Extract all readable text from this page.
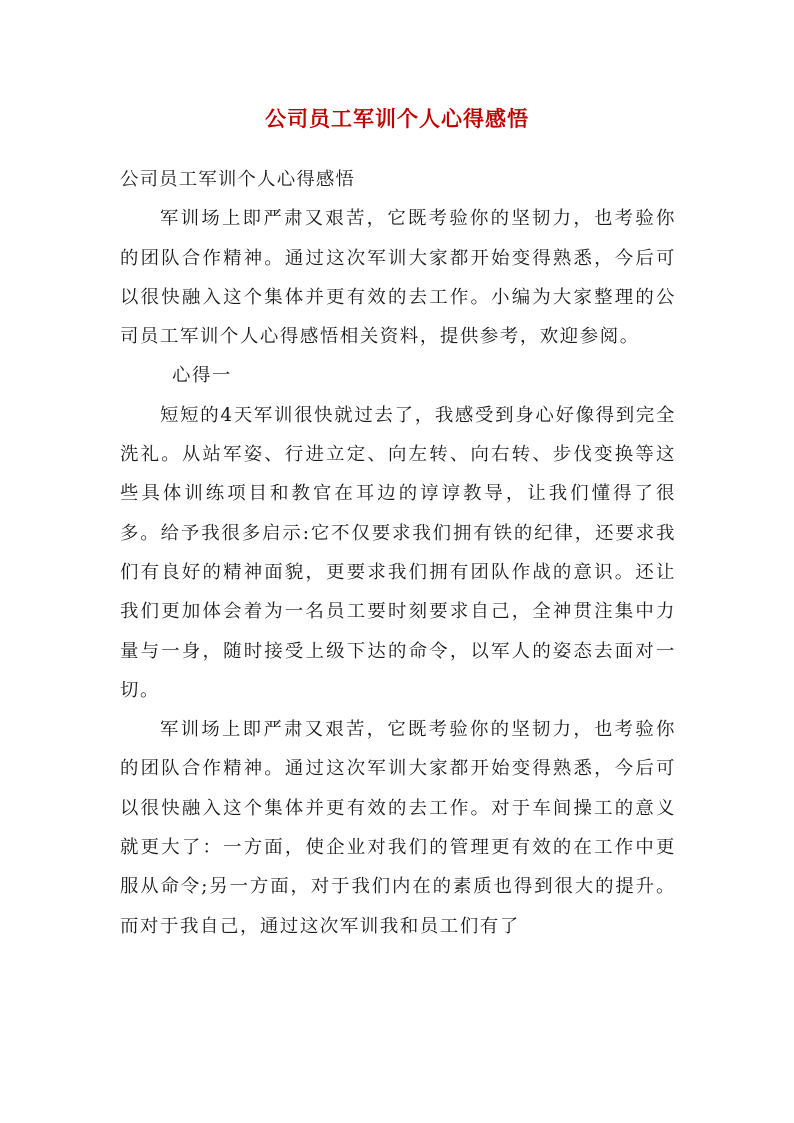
公司员工军训个人心得感悟

公司员工军训个人心得感悟

军训场上即严肃又艰苦，它既考验你的坚韧力，也考验你的团队合作精神。通过这次军训大家都开始变得熟悉，今后可以很快融入这个集体并更有效的去工作。小编为大家整理的公司员工军训个人心得感悟相关资料，提供参考，欢迎参阅。

心得一

短短的4天军训很快就过去了，我感受到身心好像得到完全洗礼。从站军姿、行进立定、向左转、向右转、步伐变换等这些具体训练项目和教官在耳边的谆谆教导，让我们懂得了很多。给予我很多启示:它不仅要求我们拥有铁的纪律，还要求我们有良好的精神面貌，更要求我们拥有团队作战的意识。还让我们更加体会着为一名员工要时刻要求自己，全神贯注集中力量与一身，随时接受上级下达的命令，以军人的姿态去面对一切。

军训场上即严肃又艰苦，它既考验你的坚韧力，也考验你的团队合作精神。通过这次军训大家都开始变得熟悉，今后可以很快融入这个集体并更有效的去工作。对于车间操工的意义就更大了：一方面，使企业对我们的管理更有效的在工作中更服从命令;另一方面，对于我们内在的素质也得到很大的提升。而对于我自己，通过这次军训我和员工们有了
